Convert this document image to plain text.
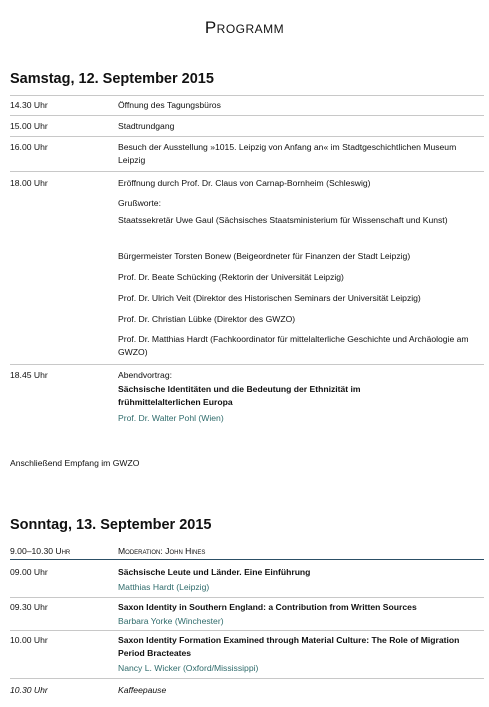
Programm
Samstag, 12. September 2015
14.30 Uhr	Öffnung des Tagungsbüros
15.00 Uhr	Stadtrundgang
16.00 Uhr	Besuch der Ausstellung »1015. Leipzig von Anfang an« im Stadtgeschichtlichen Museum Leipzig
18.00 Uhr	Eröffnung durch Prof. Dr. Claus von Carnap-Bornheim (Schleswig)
Grußworte:
Staatssekretär Uwe Gaul (Sächsisches Staatsministerium für Wissenschaft und Kunst)
Bürgermeister Torsten Bonew (Beigeordneter für Finanzen der Stadt Leipzig)
Prof. Dr. Beate Schücking (Rektorin der Universität Leipzig)
Prof. Dr. Ulrich Veit (Direktor des Historischen Seminars der Universität Leipzig)
Prof. Dr. Christian Lübke (Direktor des GWZO)
Prof. Dr. Matthias Hardt (Fachkoordinator für mittelalterliche Geschichte und Archäologie am GWZO)
18.45 Uhr	Abendvortrag:
Sächsische Identitäten und die Bedeutung der Ethnizität im frühmittelalterlichen Europa
Prof. Dr. Walter Pohl (Wien)
Anschließend Empfang im GWZO
Sonntag, 13. September 2015
9.00–10.30 Uhr	Moderation: John Hines
09.00 Uhr	Sächsische Leute und Länder. Eine Einführung
Matthias Hardt (Leipzig)
09.30 Uhr	Saxon Identity in Southern England: a Contribution from Written Sources
Barbara Yorke (Winchester)
10.00 Uhr	Saxon Identity Formation Examined through Material Culture: The Role of Migration Period Bracteates
Nancy L. Wicker (Oxford/Mississippi)
10.30 Uhr	Kaffeepause
